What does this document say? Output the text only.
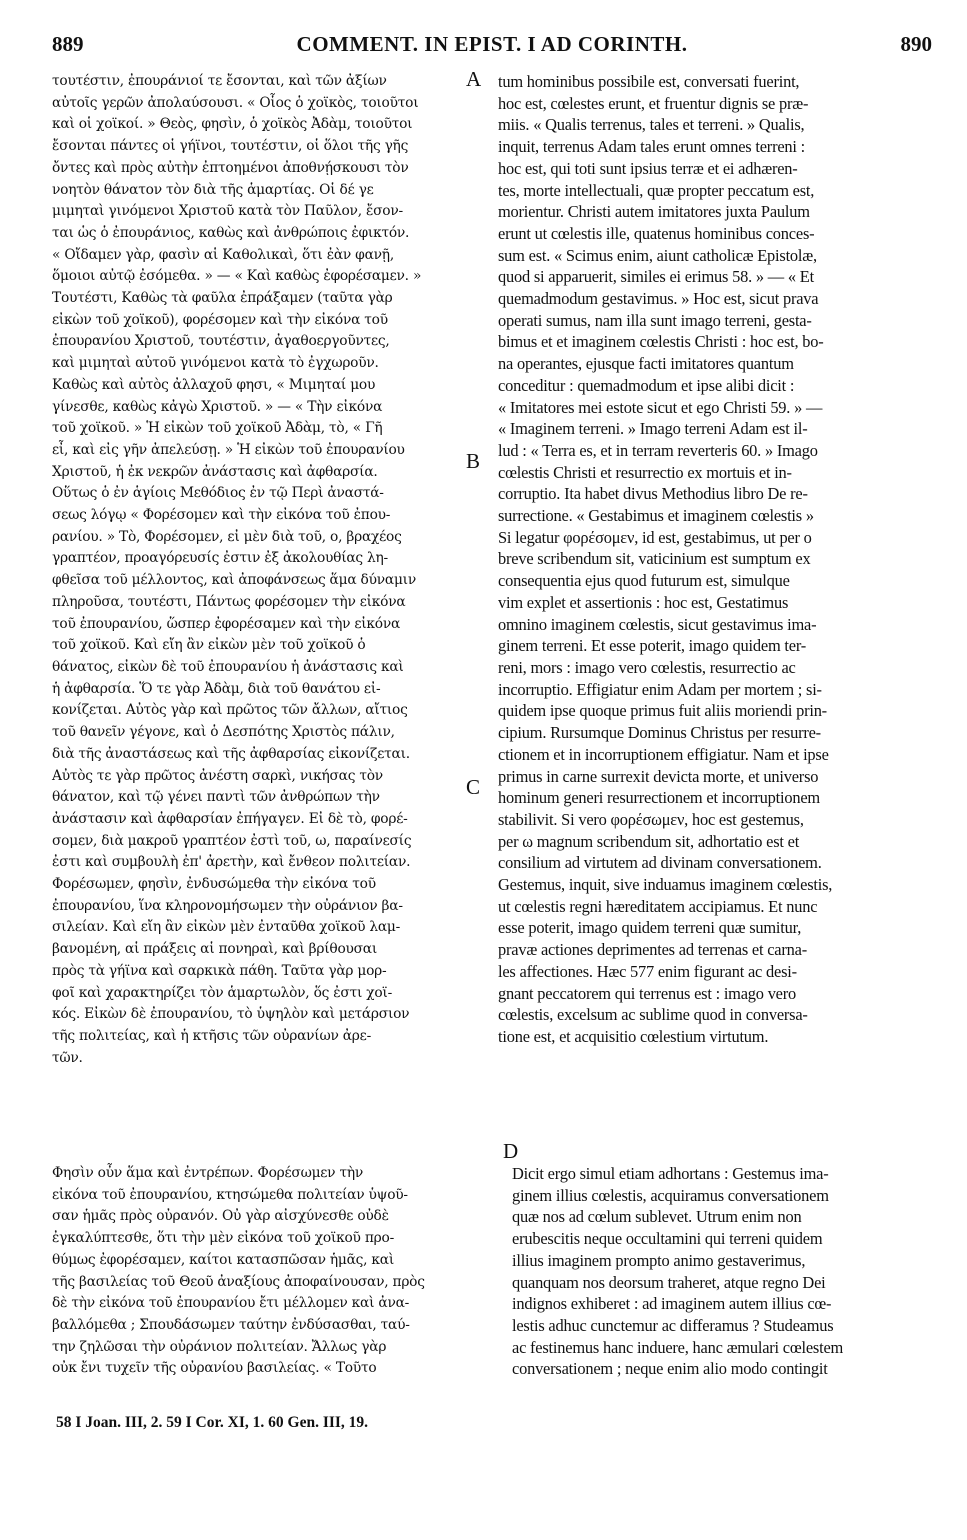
889	COMMENT. IN EPIST. I AD CORINTH.	890
τουτέστιν, ἐπουράνιοί τε ἔσονται, καὶ τῶν ἀξίων
αὐτοῖς γερῶν ἀπολαύσουσι. « Οἷος ὁ χοϊκὸς, τοιοῦτοι
καὶ οἱ χοϊκοί. » Θεὸς, φησὶν, ὁ χοϊκὸς Ἀδὰμ, τοιοῦτοι
ἔσονται πάντες οἱ γήϊνοι, τουτέστιν, οἱ ὅλοι τῆς γῆς
ὄντες καὶ πρὸς αὐτὴν ἐπτοημένοι ἀποθνῄσκουσι τὸν
νοητὸν θάνατον τὸν διὰ τῆς ἁμαρτίας. Οἱ δέ γε
μιμηταὶ γινόμενοι Χριστοῦ κατὰ τὸν Παῦλον, ἔσον-
ται ὡς ὁ ἐπουράνιος, καθὼς καὶ ἀνθρώποις ἐφικτόν.
« Οἴδαμεν γὰρ, φασὶν αἱ Καθολικαὶ, ὅτι ἐὰν φανῇ,
ὅμοιοι αὐτῷ ἐσόμεθα. » — « Καὶ καθὼς ἐφορέσαμεν. »
Τουτέστι, Καθὼς τὰ φαῦλα ἐπράξαμεν (ταῦτα γὰρ
εἰκὼν τοῦ χοϊκοῦ), φορέσομεν καὶ τὴν εἰκόνα τοῦ
ἐπουρανίου Χριστοῦ, τουτέστιν, ἀγαθοεργοῦντες,
καὶ μιμηταὶ αὐτοῦ γινόμενοι κατὰ τὸ ἐγχωροῦν.
Καθὼς καὶ αὐτὸς ἀλλαχοῦ φησι, « Μιμηταί μου
γίνεσθε, καθὼς κἀγὼ Χριστοῦ. » — « Τὴν εἰκόνα
τοῦ χοϊκοῦ. » Ἡ εἰκὼν τοῦ χοϊκοῦ Ἀδὰμ, τὸ, « Γῆ
εἶ, καὶ εἰς γῆν ἀπελεύσῃ. » Ἡ εἰκὼν τοῦ ἐπουρανίου
Χριστοῦ, ἡ ἐκ νεκρῶν ἀνάστασις καὶ ἀφθαρσία.
Οὕτως ὁ ἐν ἁγίοις Μεθόδιος ἐν τῷ Περὶ ἀναστά-
σεως λόγῳ « Φορέσομεν καὶ τὴν εἰκόνα τοῦ ἐπου-
ρανίου. » Τὸ, Φορέσομεν, εἰ μὲν διὰ τοῦ, ο, βραχέος
γραπτέον, προαγόρευσίς ἐστιν ἐξ ἀκολουθίας λη-
φθεῖσα τοῦ μέλλοντος, καὶ ἀποφάνσεως ἅμα δύναμιν
πληροῦσα, τουτέστι, Πάντως φορέσομεν τὴν εἰκόνα
τοῦ ἐπουρανίου, ὥσπερ ἐφορέσαμεν καὶ τὴν εἰκόνα
τοῦ χοϊκοῦ. Καὶ εἴη ἂν εἰκὼν μὲν τοῦ χοϊκοῦ ὁ
θάνατος, εἰκὼν δὲ τοῦ ἐπουρανίου ἡ ἀνάστασις καὶ
ἡ ἀφθαρσία. Ὅ τε γὰρ Ἀδὰμ, διὰ τοῦ θανάτου εἰ-
κονίζεται. Αὐτὸς γὰρ καὶ πρῶτος τῶν ἄλλων, αἴτιος
τοῦ θανεῖν γέγονε, καὶ ὁ Δεσπότης Χριστὸς πάλιν,
διὰ τῆς ἀναστάσεως καὶ τῆς ἀφθαρσίας εἰκονίζεται.
Αὐτὸς τε γὰρ πρῶτος ἀνέστη σαρκὶ, νικήσας τὸν
θάνατον, καὶ τῷ γένει παντὶ τῶν ἀνθρώπων τὴν
ἀνάστασιν καὶ ἀφθαρσίαν ἐπήγαγεν. Εἰ δὲ τὸ, φορέ-
σομεν, διὰ μακροῦ γραπτέον ἐστὶ τοῦ, ω, παραίνεσίς
ἐστι καὶ συμβουλὴ ἐπ' ἀρετὴν, καὶ ἔνθεον πολιτείαν.
Φορέσωμεν, φησὶν, ἐνδυσώμεθα τὴν εἰκόνα τοῦ
ἐπουρανίου, ἵνα κληρονομήσωμεν τὴν οὐράνιον βα-
σιλείαν. Καὶ εἴη ἂν εἰκὼν μὲν ἐνταῦθα χοϊκοῦ λαμ-
βανομένη, αἱ πράξεις αἱ πονηραὶ, καὶ βρίθουσαι
πρὸς τὰ γήϊνα καὶ σαρκικὰ πάθη. Ταῦτα γὰρ μορ-
φοῖ καὶ χαρακτηρίζει τὸν ἁμαρτωλὸν, ὅς ἐστι χοϊ-
κός. Εἰκὼν δὲ ἐπουρανίου, τὸ ὑψηλὸν καὶ μετάρσιον
τῆς πολιτείας, καὶ ἡ κτῆσις τῶν οὐρανίων ἀρε-
τῶν.
tum hominibus possibile est, conversati fuerint,
hoc est, cœlestes erunt, et fruentur dignis se præ-
miis. « Qualis terrenus, tales et terreni. » Qualis,
inquit, terrenus Adam tales erunt omnes terreni :
hoc est, qui toti sunt ipsius terræ et ei adhæren-
tes, morte intellectuali, quæ propter peccatum est,
morientur. Christi autem imitatores juxta Paulum
erunt ut cœlestis ille, quatenus hominibus conces-
sum est. « Scimus enim, aiunt catholicæ Epistolæ,
quod si apparuerit, similes ei erimus 58. » — « Et
quemadmodum gestavimus. » Hoc est, sicut prava
operati sumus, nam illa sunt imago terreni, gesta-
bimus et et imaginem cœlestis Christi : hoc est, bo-
na operantes, ejusque facti imitatores quantum
conceditur : quemadmodum et ipse alibi dicit :
« Imitatores mei estote sicut et ego Christi 59. » —
« Imaginem terreni. » Imago terreni Adam est il-
lud : « Terra es, et in terram reverteris 60. » Imago
cœlestis Christi et resurrectio ex mortuis et in-
corruptio. Ita habet divus Methodius libro De re-
surrectione. « Gestabimus et imaginem cœlestis »
Si legatur φορέσομεν, id est, gestabimus, ut per o
breve scribendum sit, vaticinium est sumptum ex
consequentia ejus quod futurum est, simulque
vim explet et assertionis : hoc est, Gestatimus
omnino imaginem cœlestis, sicut gestavimus ima-
ginem terreni. Et esse poterit, imago quidem ter-
reni, mors : imago vero cœlestis, resurrectio ac
incorruptio. Effigiatur enim Adam per mortem ; si-
quidem ipse quoque primus fuit aliis moriendi prin-
cipium. Rursumque Dominus Christus per resurre-
ctionem et in incorruptionem effigiatur. Nam et ipse
primus in carne surrexit devicta morte, et universo
hominum generi resurrectionem et incorruptionem
stabilivit. Si vero φορέσωμεν, hoc est gestemus,
per ω magnum scribendum sit, adhortatio est et
consilium ad virtutem ad divinam conversationem.
Gestemus, inquit, sive induamus imaginem cœlestis,
ut cœlestis regni hæreditatem accipiamus. Et nunc
esse poterit, imago quidem terreni quæ sumitur,
pravæ actiones deprimentes ad terrenas et carna-
les affectiones. Hæc 577 enim figurant ac desi-
gnant peccatorem qui terrenus est : imago vero
cœlestis, excelsum ac sublime quod in conversa-
tione est, et acquisitio cœlestium virtutum.
A
B
C
D
Φησὶν οὖν ἅμα καὶ ἐντρέπων. Φορέσωμεν τὴν
εἰκόνα τοῦ ἐπουρανίου, κτησώμεθα πολιτείαν ὑψοῦ-
σαν ἡμᾶς πρὸς οὐρανόν. Οὐ γὰρ αἰσχύνεσθε οὐδὲ
ἐγκαλύπτεσθε, ὅτι τὴν μὲν εἰκόνα τοῦ χοϊκοῦ προ-
θύμως ἐφορέσαμεν, καίτοι κατασπῶσαν ἡμᾶς, καὶ
τῆς βασιλείας τοῦ Θεοῦ ἀναξίους ἀποφαίνουσαν, πρὸς
δὲ τὴν εἰκόνα τοῦ ἐπουρανίου ἔτι μέλλομεν καὶ ἀνα-
βαλλόμεθα ; Σπουδάσωμεν ταύτην ἐνδύσασθαι, ταύ-
την ζηλῶσαι τὴν οὐράνιον πολιτείαν. Ἄλλως γὰρ
οὐκ ἔνι τυχεῖν τῆς οὐρανίου βασιλείας. « Τοῦτο
Dicit ergo simul etiam adhortans : Gestemus ima-
ginem illius cœlestis, acquiramus conversationem
quæ nos ad cœlum sublevet. Utrum enim non
erubescitis neque occultamini qui terreni quidem
illius imaginem prompto animo gestaverimus,
quanquam nos deorsum traheret, atque regno Dei
indignos exhiberet : ad imaginem autem illius cœ-
lestis adhuc cunctemur ac differamus ? Studeamus
ac festinemus hanc induere, hanc æmulari cœlestem
conversationem ; neque enim alio modo contingit
58 I Joan. III, 2. 59 I Cor. XI, 1. 60 Gen. III, 19.
